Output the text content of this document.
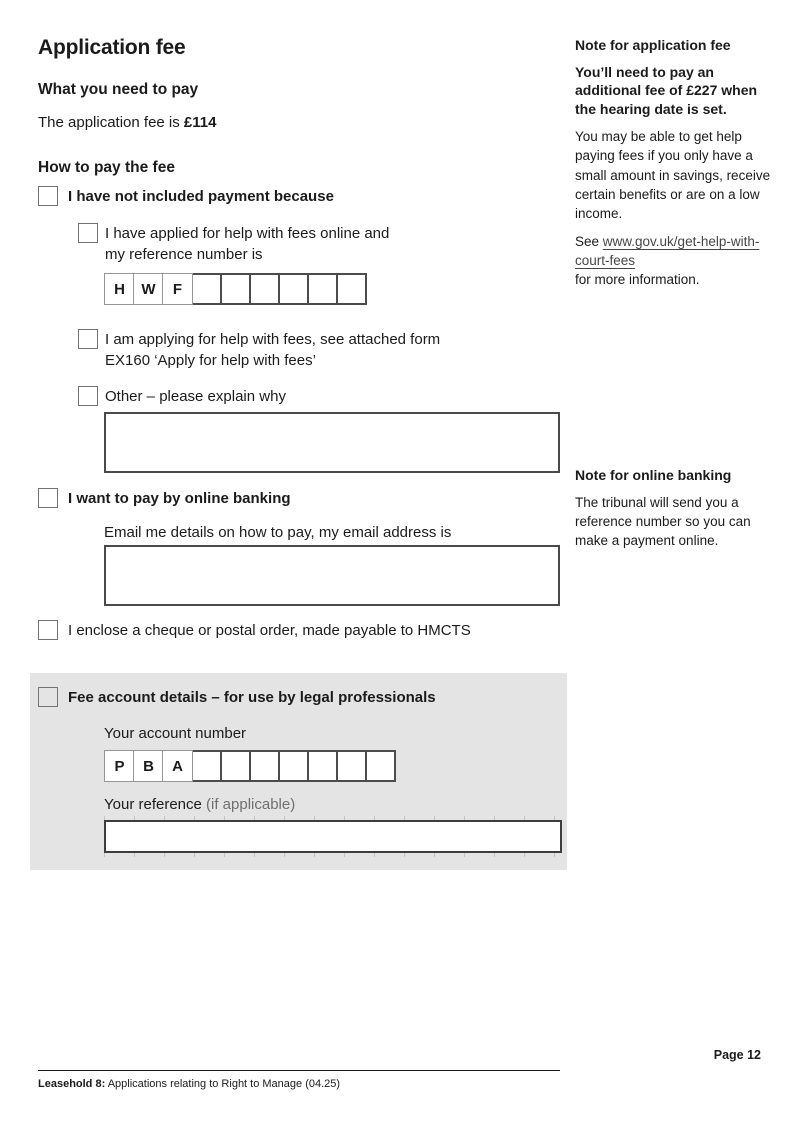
Application fee
What you need to pay

The application fee is £114

How to pay the fee
I have not included payment because
I have applied for help with fees online and
my reference number is
H	W	F
I am applying for help with fees, see attached form
EX160 ‘Apply for help with fees’
Other – please explain why
I want to pay by online banking

Email me details on how to pay, my email address is

I enclose a cheque or postal order, made payable to HMCTS
Fee account details – for use by legal professionals

Your account number

P	B	A

Your reference (if applicable)

Note for application fee

You’ll need to pay an additional fee of £227 when the hearing date is set.

You may be able to get help paying fees if you only have a small amount in savings, receive certain benefits or are on a low income.

See www.gov.uk/get-help-with-court-fees
for more information.

Note for online banking

The tribunal will send you a reference number so you can make a payment online.

Page 12

Leasehold 8: Applications relating to Right to Manage (04.25)
